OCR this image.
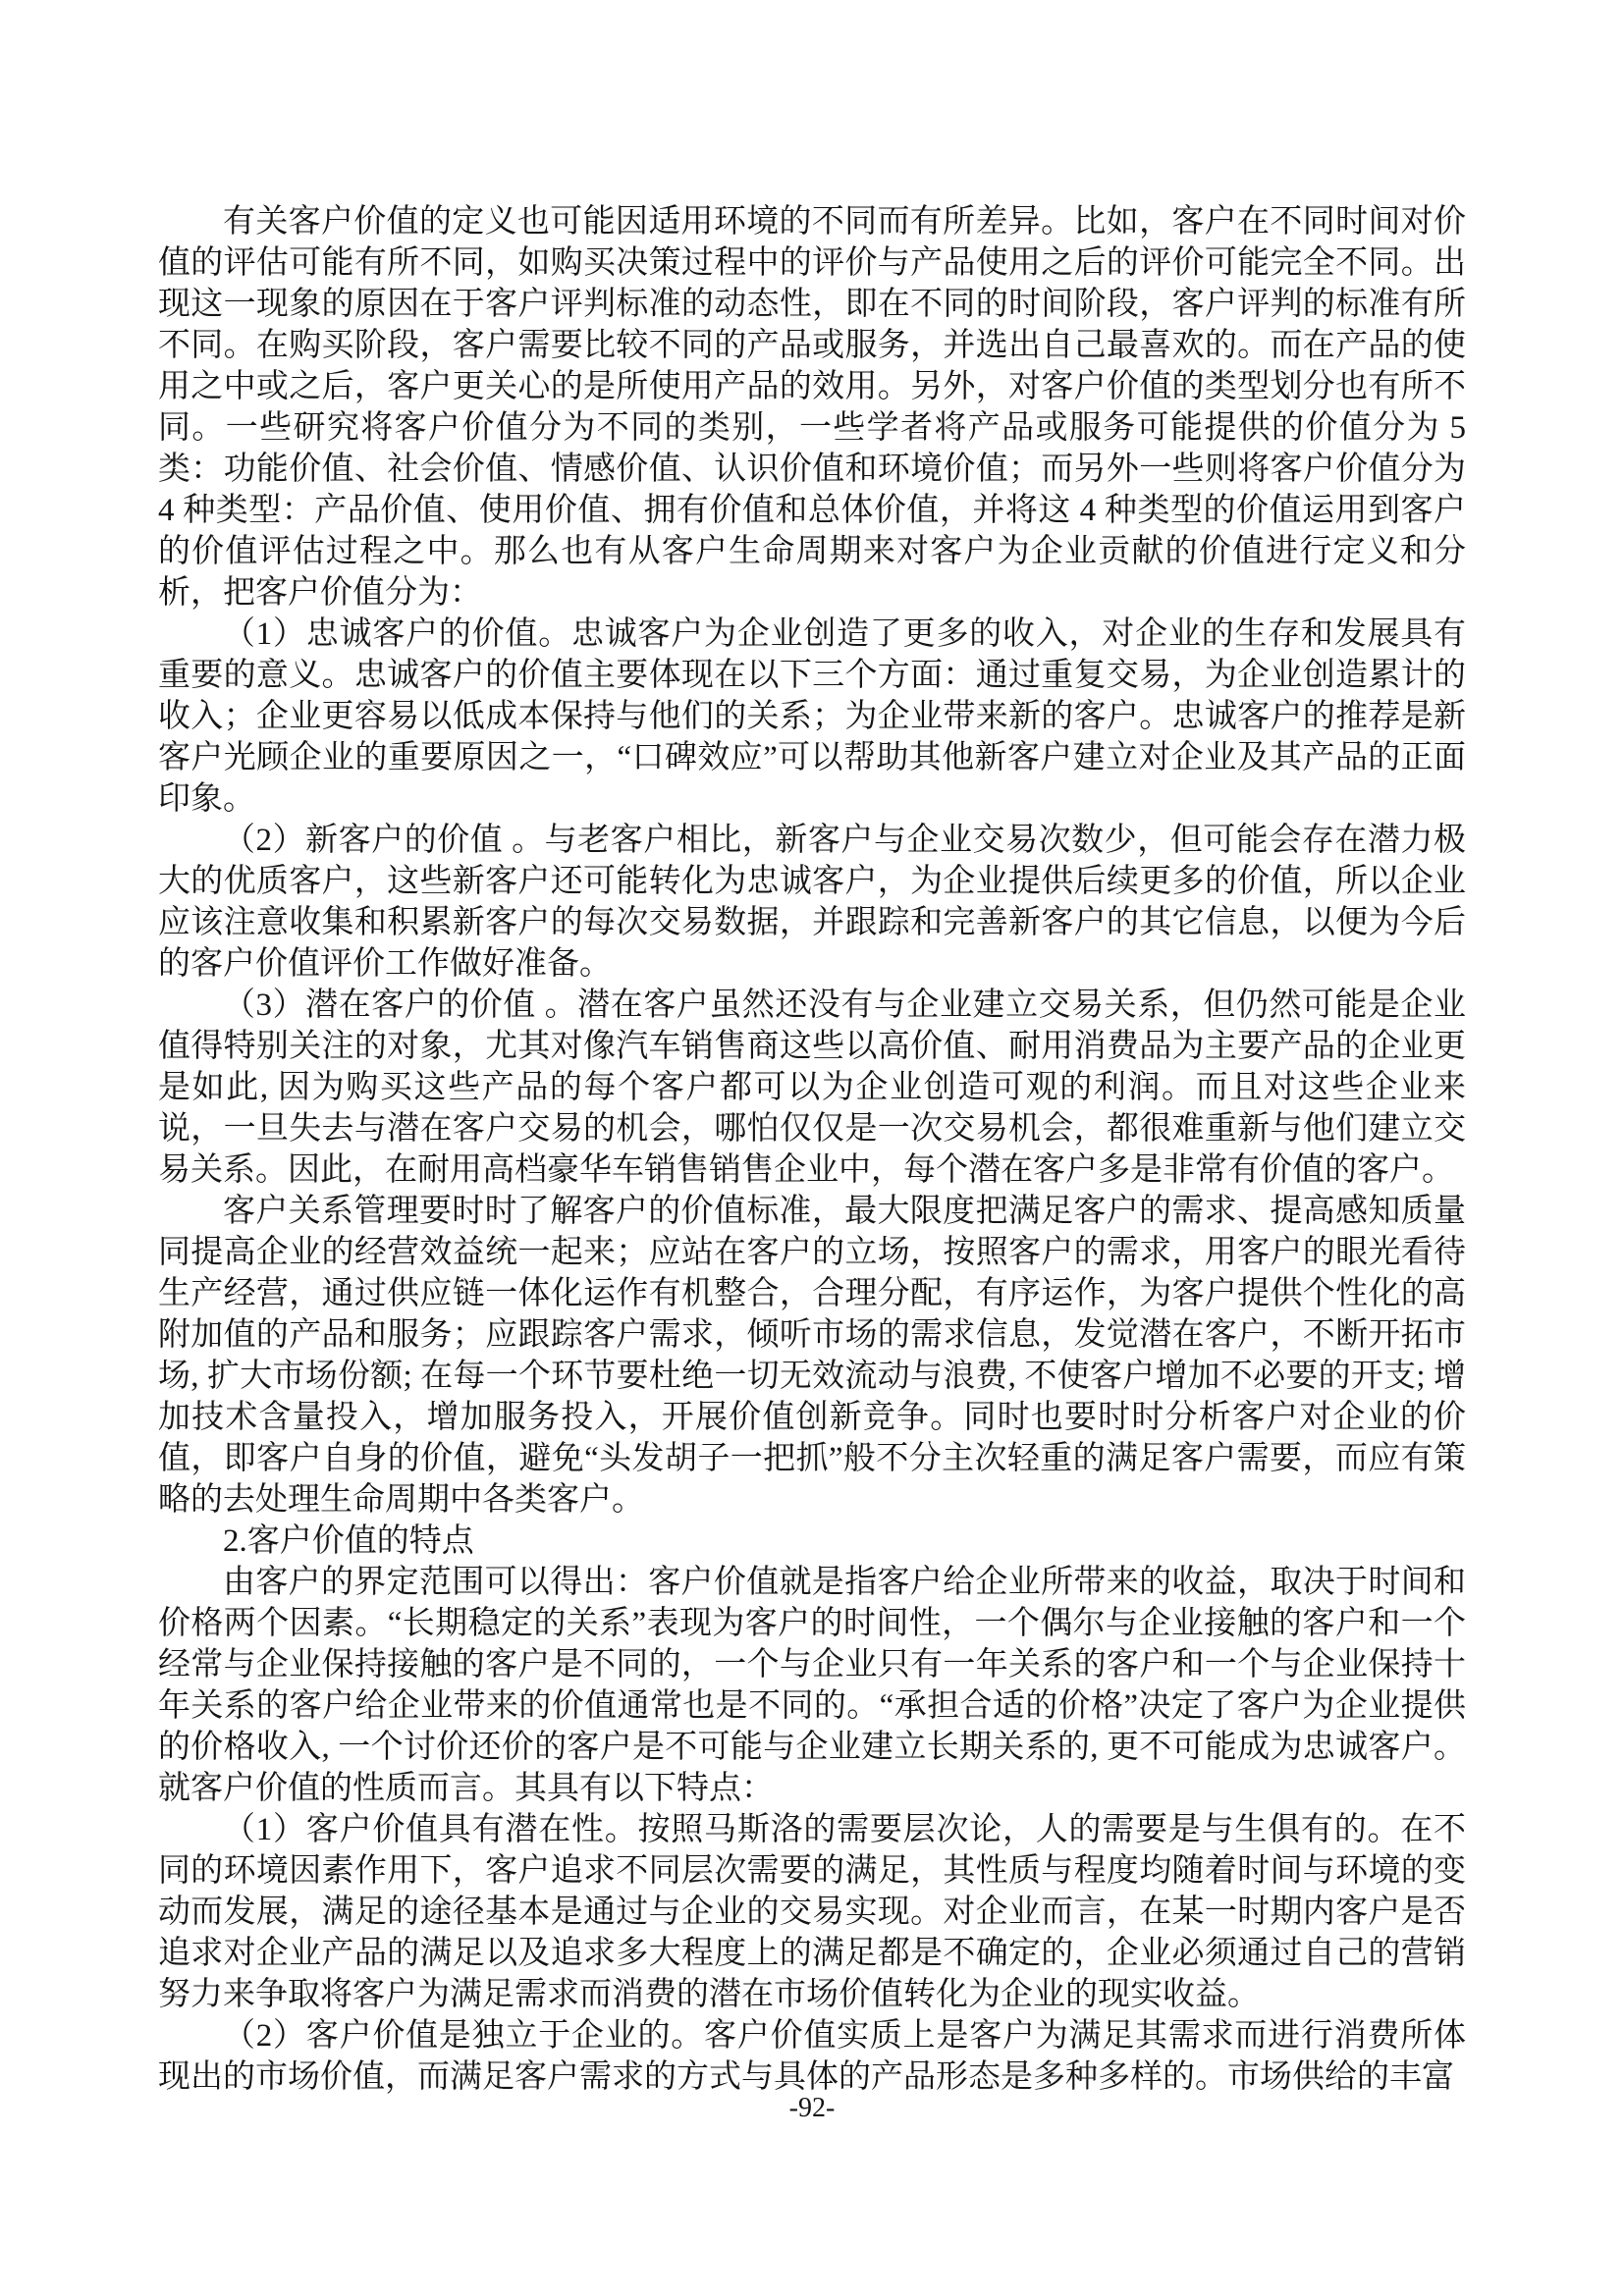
有关客户价值的定义也可能因适用环境的不同而有所差异。比如，客户在不同时间对价值的评估可能有所不同，如购买决策过程中的评价与产品使用之后的评价可能完全不同。出现这一现象的原因在于客户评判标准的动态性，即在不同的时间阶段，客户评判的标准有所不同。在购买阶段，客户需要比较不同的产品或服务，并选出自己最喜欢的。而在产品的使用之中或之后，客户更关心的是所使用产品的效用。另外，对客户价值的类型划分也有所不同。一些研究将客户价值分为不同的类别，一些学者将产品或服务可能提供的价值分为 5 类：功能价值、社会价值、情感价值、认识价值和环境价值；而另外一些则将客户价值分为 4 种类型：产品价值、使用价值、拥有价值和总体价值，并将这 4 种类型的价值运用到客户的价值评估过程之中。那么也有从客户生命周期来对客户为企业贡献的价值进行定义和分析，把客户价值分为：

（1）忠诚客户的价值。忠诚客户为企业创造了更多的收入，对企业的生存和发展具有重要的意义。忠诚客户的价值主要体现在以下三个方面：通过重复交易，为企业创造累计的收入；企业更容易以低成本保持与他们的关系；为企业带来新的客户。忠诚客户的推荐是新客户光顾企业的重要原因之一，“口碑效应”可以帮助其他新客户建立对企业及其产品的正面印象。

（2）新客户的价值 。与老客户相比，新客户与企业交易次数少，但可能会存在潜力极大的优质客户，这些新客户还可能转化为忠诚客户，为企业提供后续更多的价值，所以企业应该注意收集和积累新客户的每次交易数据，并跟踪和完善新客户的其它信息，以便为今后的客户价值评价工作做好准备。

（3）潜在客户的价值 。潜在客户虽然还没有与企业建立交易关系，但仍然可能是企业值得特别关注的对象，尤其对像汽车销售商这些以高价值、耐用消费品为主要产品的企业更是如此, 因为购买这些产品的每个客户都可以为企业创造可观的利润。而且对这些企业来说，一旦失去与潜在客户交易的机会，哪怕仅仅是一次交易机会，都很难重新与他们建立交易关系。因此，在耐用高档豪华车销售销售企业中，每个潜在客户多是非常有价值的客户。

客户关系管理要时时了解客户的价值标准，最大限度把满足客户的需求、提高感知质量同提高企业的经营效益统一起来；应站在客户的立场，按照客户的需求，用客户的眼光看待生产经营，通过供应链一体化运作有机整合，合理分配，有序运作，为客户提供个性化的高附加值的产品和服务；应跟踪客户需求，倾听市场的需求信息，发觉潜在客户，不断开拓市场, 扩大市场份额; 在每一个环节要杜绝一切无效流动与浪费, 不使客户增加不必要的开支; 增加技术含量投入，增加服务投入，开展价值创新竞争。同时也要时时分析客户对企业的价值，即客户自身的价值，避免“头发胡子一把抓”般不分主次轻重的满足客户需要，而应有策略的去处理生命周期中各类客户。

2.客户价值的特点

由客户的界定范围可以得出：客户价值就是指客户给企业所带来的收益，取决于时间和价格两个因素。“长期稳定的关系”表现为客户的时间性，一个偶尔与企业接触的客户和一个经常与企业保持接触的客户是不同的，一个与企业只有一年关系的客户和一个与企业保持十年关系的客户给企业带来的价值通常也是不同的。“承担合适的价格”决定了客户为企业提供的价格收入, 一个讨价还价的客户是不可能与企业建立长期关系的, 更不可能成为忠诚客户。就客户价值的性质而言。其具有以下特点：

（1）客户价值具有潜在性。按照马斯洛的需要层次论，人的需要是与生俱有的。在不同的环境因素作用下，客户追求不同层次需要的满足，其性质与程度均随着时间与环境的变动而发展，满足的途径基本是通过与企业的交易实现。对企业而言，在某一时期内客户是否追求对企业产品的满足以及追求多大程度上的满足都是不确定的，企业必须通过自己的营销努力来争取将客户为满足需求而消费的潜在市场价值转化为企业的现实收益。

（2）客户价值是独立于企业的。客户价值实质上是客户为满足其需求而进行消费所体现出的市场价值，而满足客户需求的方式与具体的产品形态是多种多样的。市场供给的丰富

-92-
